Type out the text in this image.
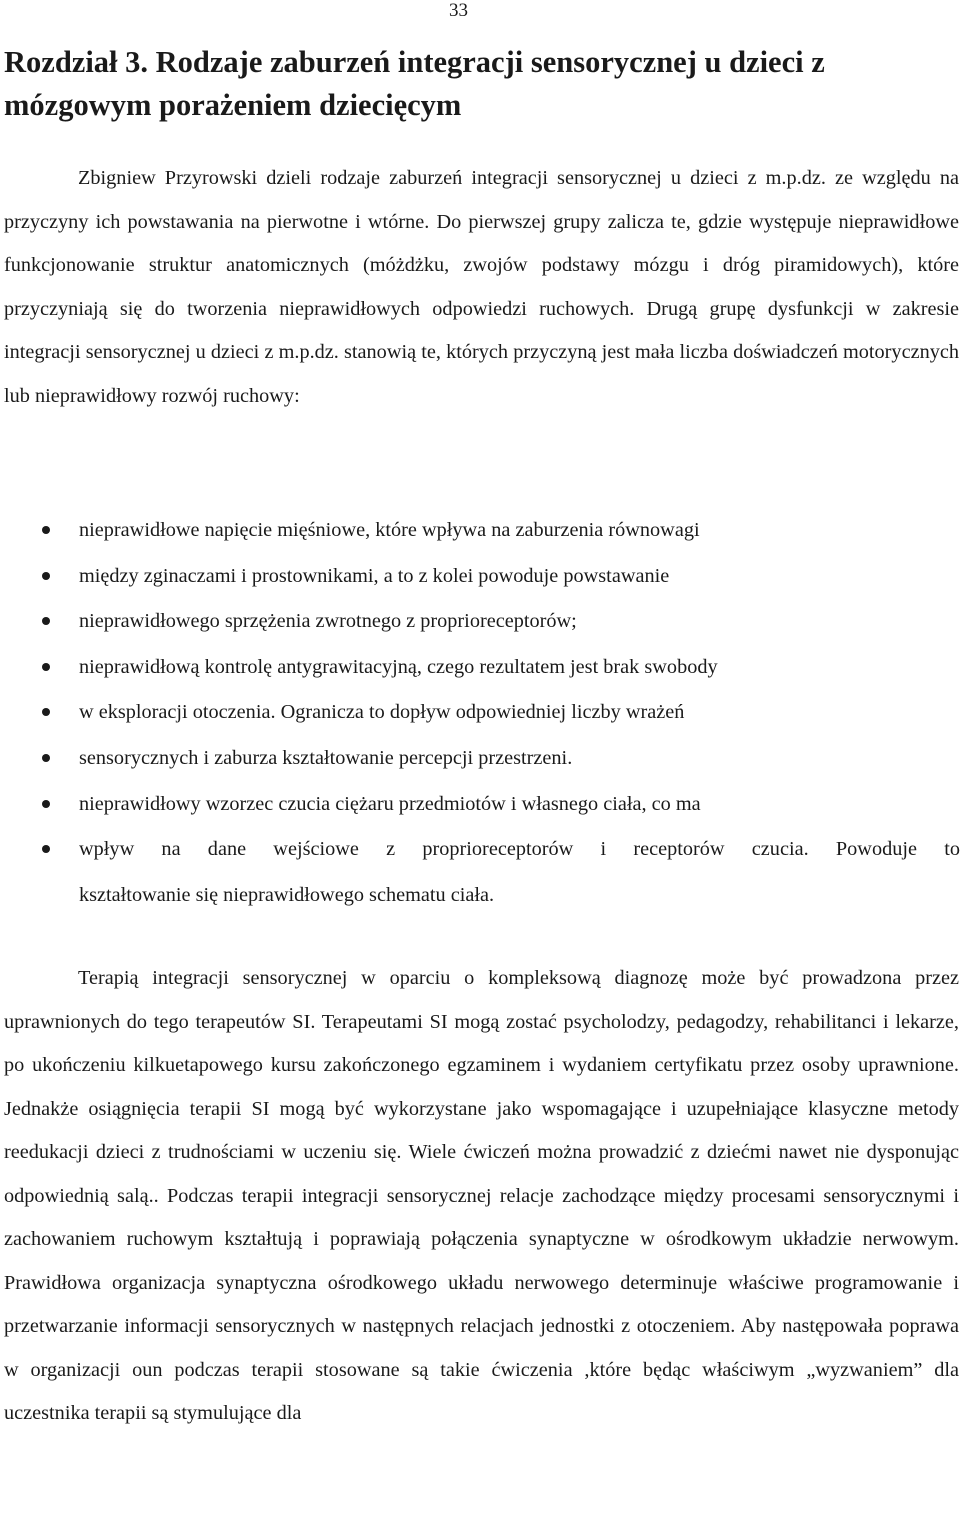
33
Rozdział 3. Rodzaje zaburzeń integracji sensorycznej u dzieci z mózgowym porażeniem dziecięcym

Zbigniew Przyrowski dzieli rodzaje zaburzeń integracji sensorycznej u dzieci z m.p.dz. ze względu na przyczyny ich powstawania na pierwotne i wtórne. Do pierwszej grupy zalicza te, gdzie występuje nieprawidłowe funkcjonowanie struktur anatomicznych (móżdżku, zwojów podstawy mózgu i dróg piramidowych), które przyczyniają się do tworzenia nieprawidłowych odpowiedzi ruchowych. Drugą grupę dysfunkcji w zakresie integracji sensorycznej u dzieci z m.p.dz. stanowią te, których przyczyną jest mała liczba doświadczeń motorycznych lub nieprawidłowy rozwój ruchowy:

nieprawidłowe napięcie mięśniowe, które wpływa na zaburzenia równowagi
między zginaczami i prostownikami, a to z kolei powoduje powstawanie
nieprawidłowego sprzężenia zwrotnego z proprioreceptorów;
nieprawidłową kontrolę antygrawitacyjną, czego rezultatem jest brak swobody
w eksploracji otoczenia. Ogranicza to dopływ odpowiedniej liczby wrażeń
sensorycznych i zaburza kształtowanie percepcji przestrzeni.
nieprawidłowy wzorzec czucia ciężaru przedmiotów i własnego ciała, co ma
wpływ na dane wejściowe z proprioreceptorów i receptorów czucia. Powoduje to
kształtowanie się nieprawidłowego schematu ciała.

Terapią integracji sensorycznej w oparciu o kompleksową diagnozę może być prowadzona przez uprawnionych do tego terapeutów SI. Terapeutami SI mogą zostać psycholodzy, pedagodzy, rehabilitanci i lekarze, po ukończeniu kilkuetapowego kursu zakończonego egzaminem i wydaniem certyfikatu przez osoby uprawnione. Jednakże osiągnięcia terapii SI mogą być wykorzystane jako wspomagające i uzupełniające klasyczne metody reedukacji dzieci z trudnościami w uczeniu się. Wiele ćwiczeń można prowadzić z dziećmi nawet nie dysponując odpowiednią salą.. Podczas terapii integracji sensorycznej relacje zachodzące między procesami sensorycznymi i zachowaniem ruchowym kształtują i poprawiają połączenia synaptyczne w ośrodkowym układzie nerwowym. Prawidłowa organizacja synaptyczna ośrodkowego układu nerwowego determinuje właściwe programowanie i przetwarzanie informacji sensorycznych w następnych relacjach jednostki z otoczeniem. Aby następowała poprawa w organizacji oun podczas terapii stosowane są takie ćwiczenia ,które będąc właściwym „wyzwaniem” dla uczestnika terapii są stymulujące dla
